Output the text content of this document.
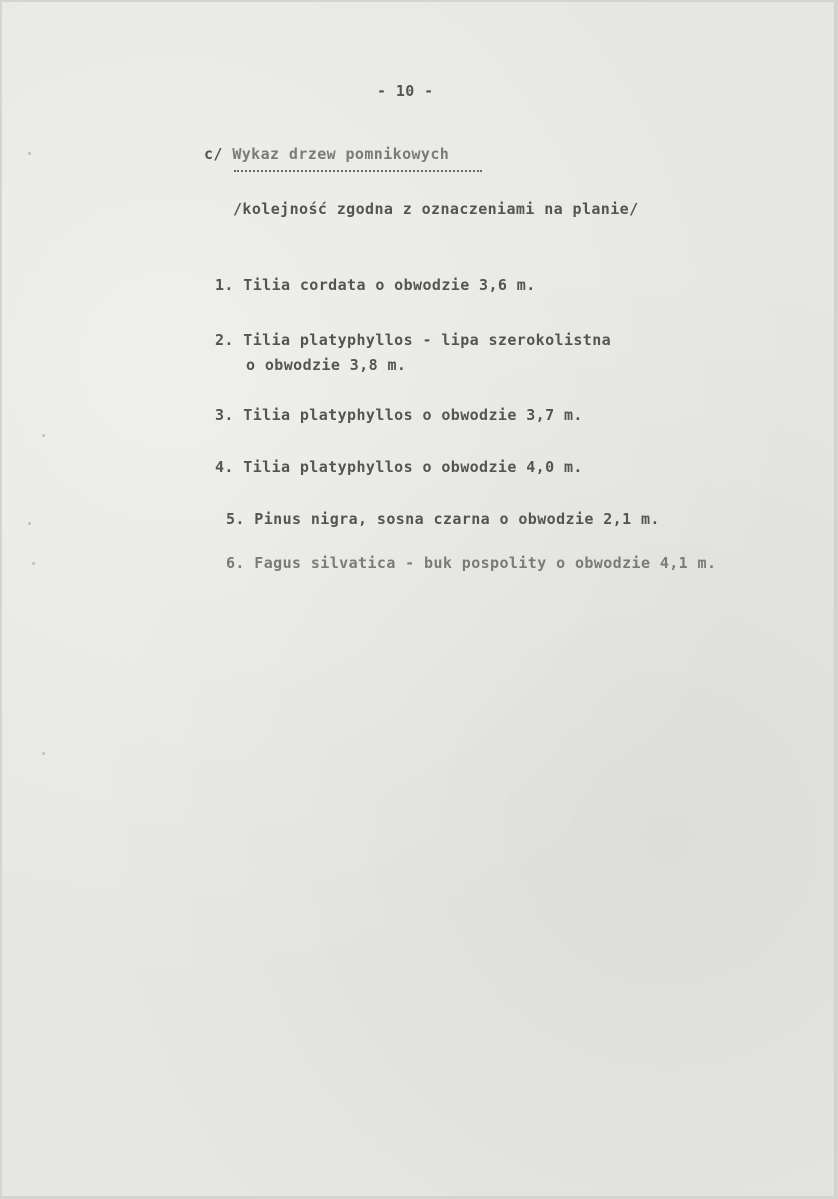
- 10 -
c/ Wykaz drzew pomnikowych
/kolejność zgodna z oznaczeniami na planie/
1. Tilia cordata o obwodzie 3,6 m.
2. Tilia platyphyllos - lipa szerokolistna
o obwodzie 3,8 m.
3. Tilia platyphyllos o obwodzie 3,7 m.
4. Tilia platyphyllos o obwodzie 4,0 m.
5. Pinus nigra, sosna czarna o obwodzie 2,1 m.
6. Fagus silvatica - buk pospolity o obwodzie 4,1 m.
